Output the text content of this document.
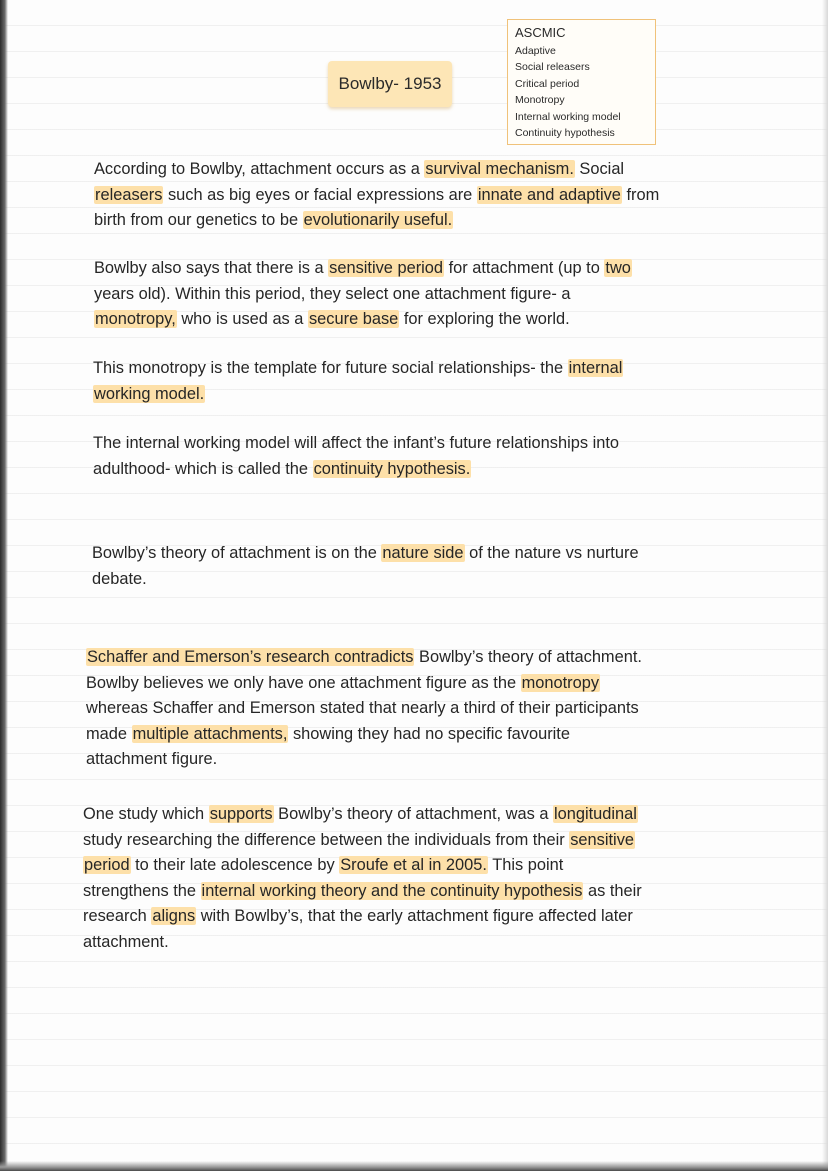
Bowlby- 1953
ASCMIC
Adaptive
Social releasers
Critical period
Monotropy
Internal working model
Continuity hypothesis
According to Bowlby, attachment occurs as a survival mechanism. Social
releasers such as big eyes or facial expressions are innate and adaptive from
birth from our genetics to be evolutionarily useful.
Bowlby also says that there is a sensitive period for attachment (up to two
years old). Within this period, they select one attachment figure- a
monotropy, who is used as a secure base for exploring the world.
This monotropy is the template for future social relationships- the internal
working model.
The internal working model will affect the infant’s future relationships into
adulthood- which is called the continuity hypothesis.
Bowlby’s theory of attachment is on the nature side of the nature vs nurture
debate.
Schaffer and Emerson’s research contradicts Bowlby’s theory of attachment.
Bowlby believes we only have one attachment figure as the monotropy
whereas Schaffer and Emerson stated that nearly a third of their participants
made multiple attachments, showing they had no specific favourite
attachment figure.
One study which supports Bowlby’s theory of attachment, was a longitudinal
study researching the difference between the individuals from their sensitive
period to their late adolescence by Sroufe et al in 2005. This point
strengthens the internal working theory and the continuity hypothesis as their
research aligns with Bowlby’s, that the early attachment figure affected later
attachment.
